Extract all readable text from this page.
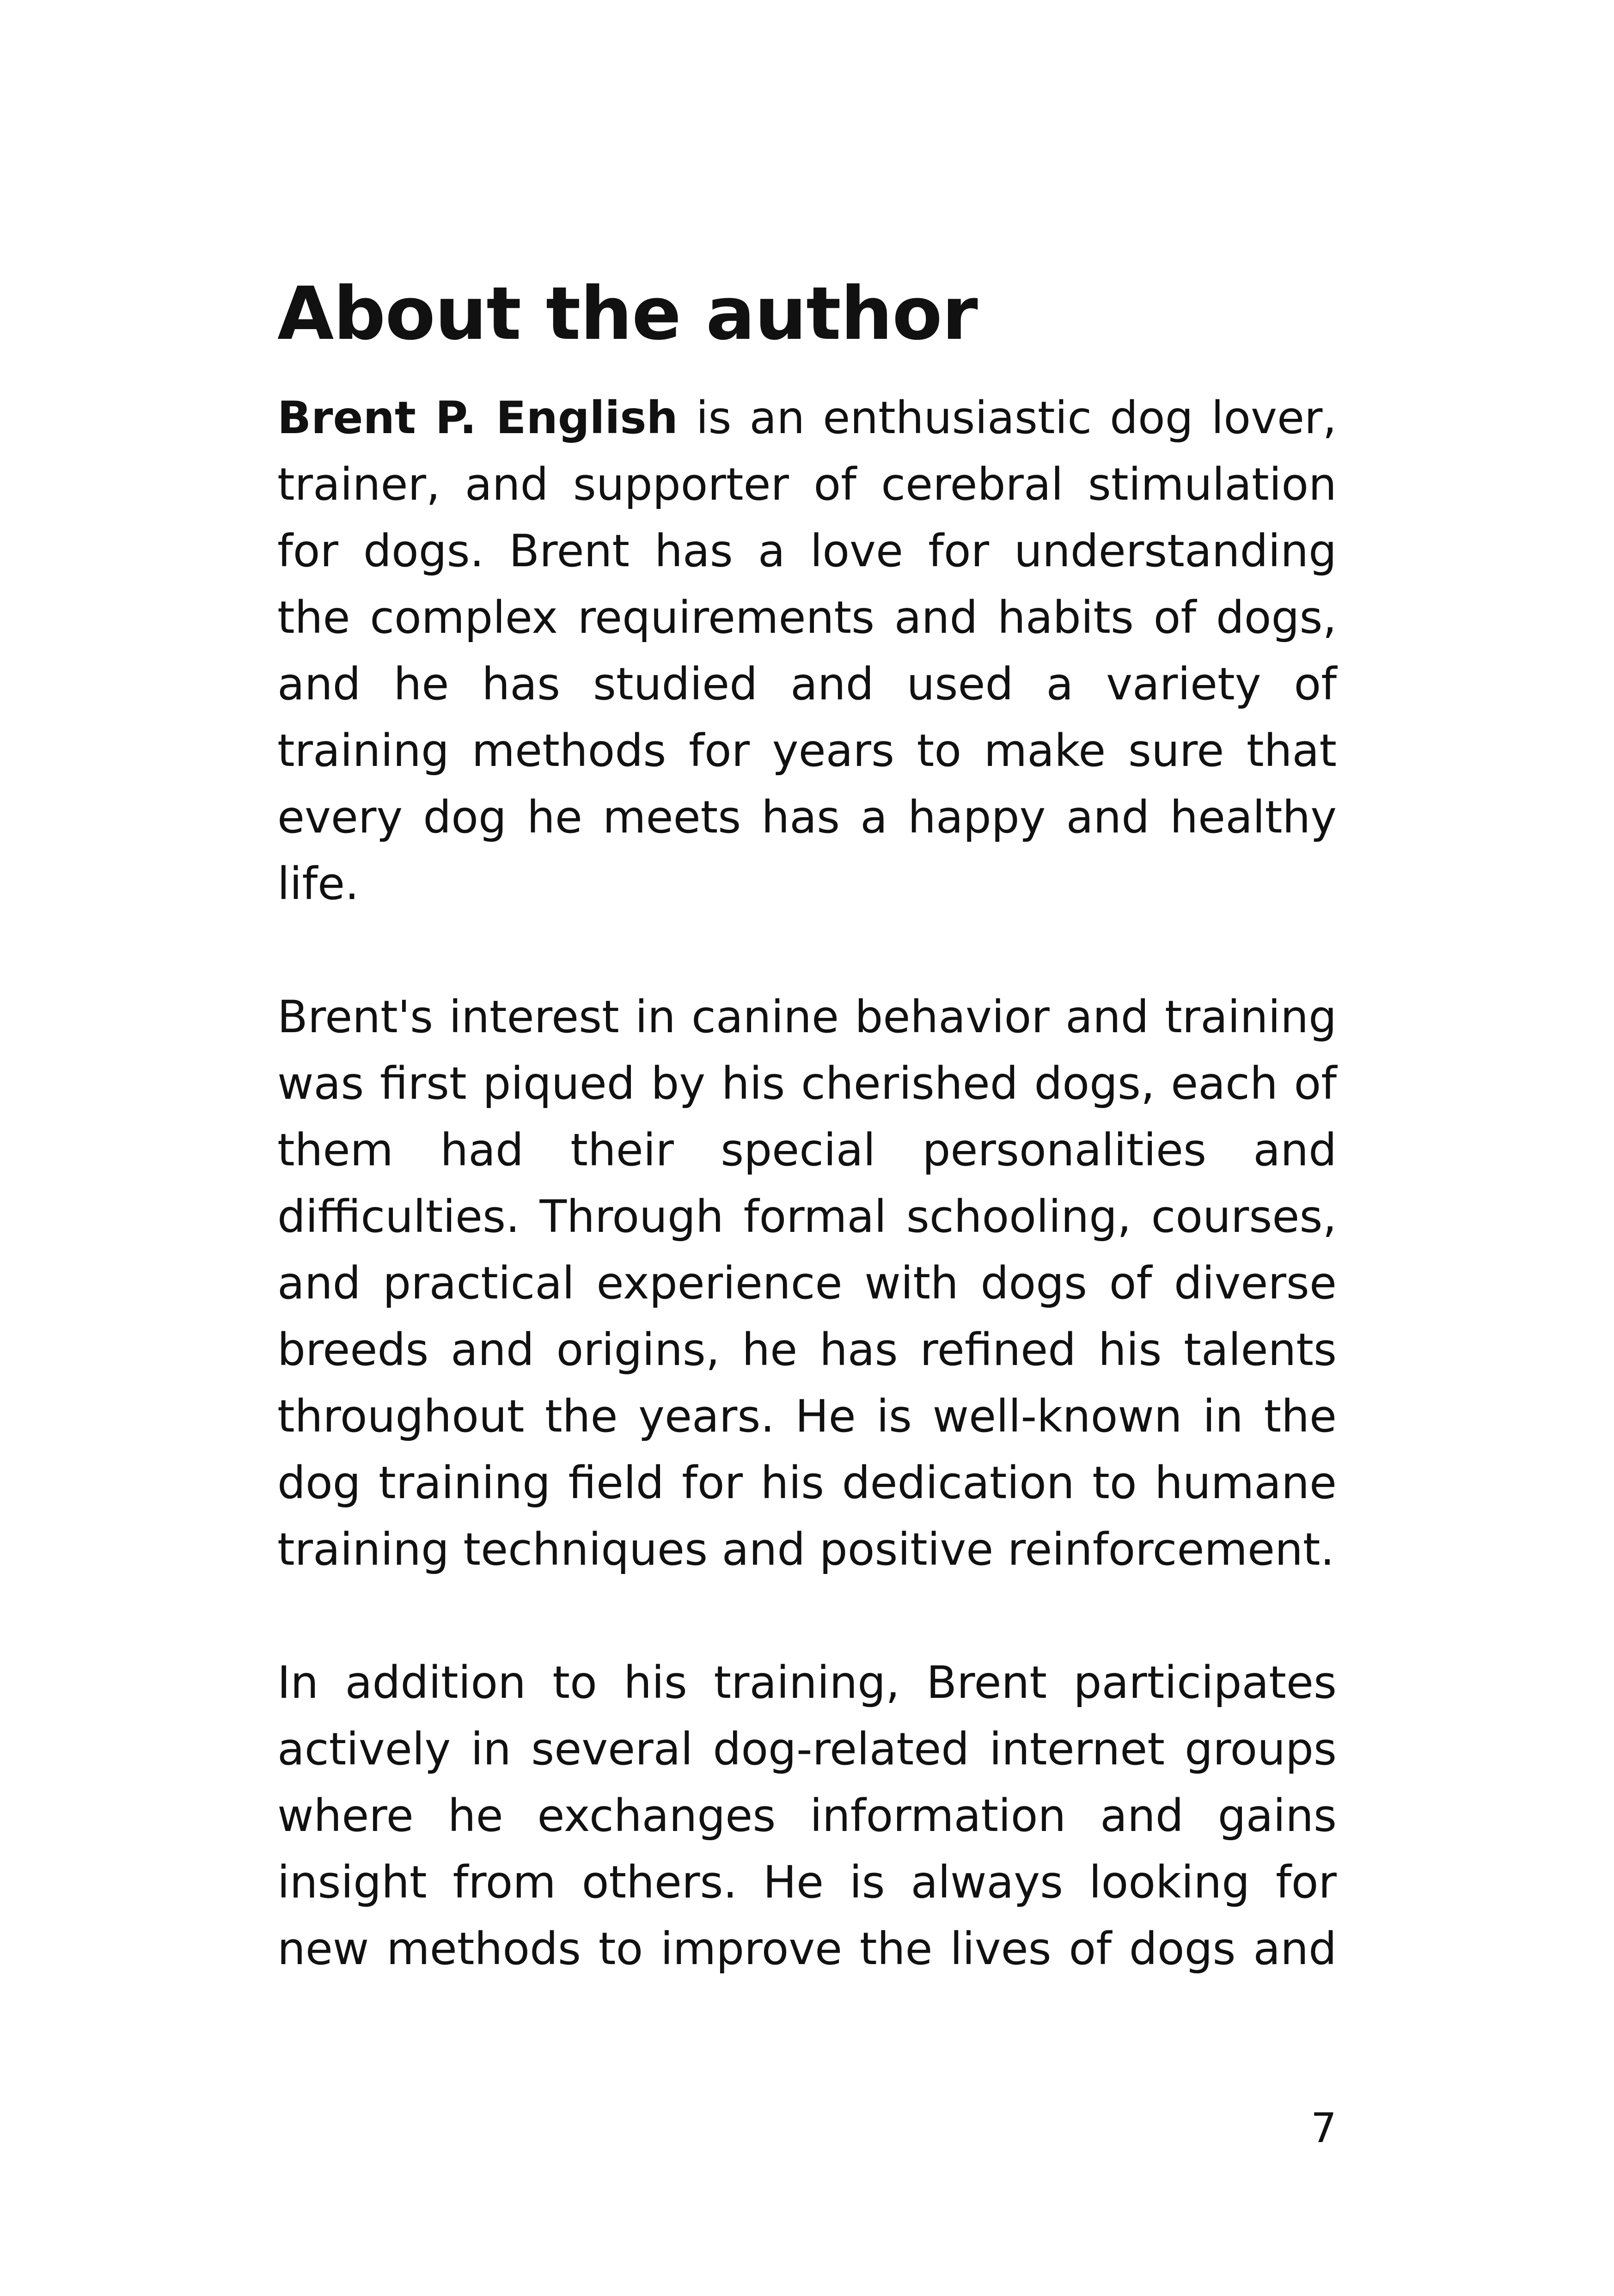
About the author

Brent P. English is an enthusiastic dog lover, trainer, and supporter of cerebral stimulation for dogs. Brent has a love for understanding the complex requirements and habits of dogs, and he has studied and used a variety of training methods for years to make sure that every dog he meets has a happy and healthy life.

Brent's interest in canine behavior and training was first piqued by his cherished dogs, each of them had their special personalities and difficulties. Through formal schooling, courses, and practical experience with dogs of diverse breeds and origins, he has refined his talents throughout the years. He is well-known in the dog training field for his dedication to humane training techniques and positive reinforcement.

In addition to his training, Brent participates actively in several dog-related internet groups where he exchanges information and gains insight from others. He is always looking for new methods to improve the lives of dogs and

7
